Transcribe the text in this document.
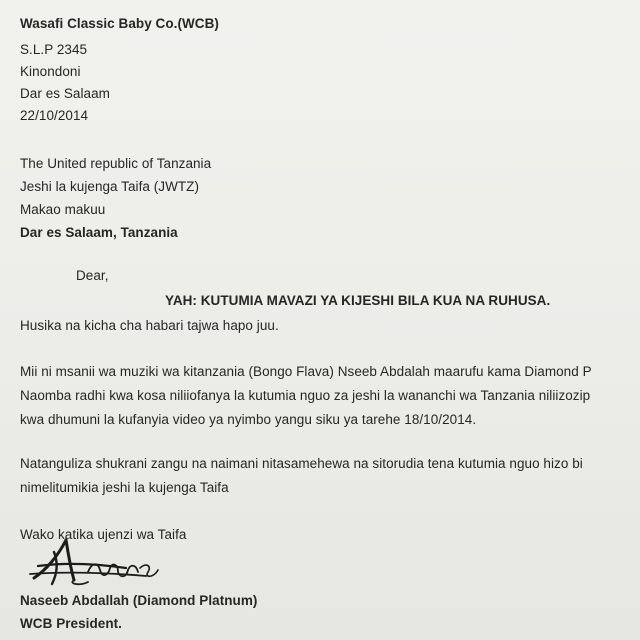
Wasafi Classic Baby Co.(WCB)
S.L.P 2345
Kinondoni
Dar es Salaam
22/10/2014
The United republic of Tanzania
Jeshi la kujenga Taifa (JWTZ)
Makao makuu
Dar es Salaam, Tanzania
Dear,
YAH: KUTUMIA MAVAZI YA KIJESHI BILA KUA NA RUHUSA.
Husika na kicha cha habari tajwa hapo juu.
Mii ni msanii wa muziki wa kitanzania (Bongo Flava) Nseeb Abdalah maarufu kama Diamond P
Naomba radhi kwa kosa niliiofanya la kutumia nguo za jeshi la wananchi wa Tanzania niliizozip
kwa dhumuni la kufanyia video ya nyimbo yangu siku ya tarehe 18/10/2014.
Natanguliza shukrani zangu na naimani nitasamehewa na sitorudia tena kutumia nguo hizo bi
nimelitumikia jeshi la kujenga Taifa
Wako katika ujenzi wa Taifa
Naseeb Abdallah (Diamond Platnum)
WCB President.
